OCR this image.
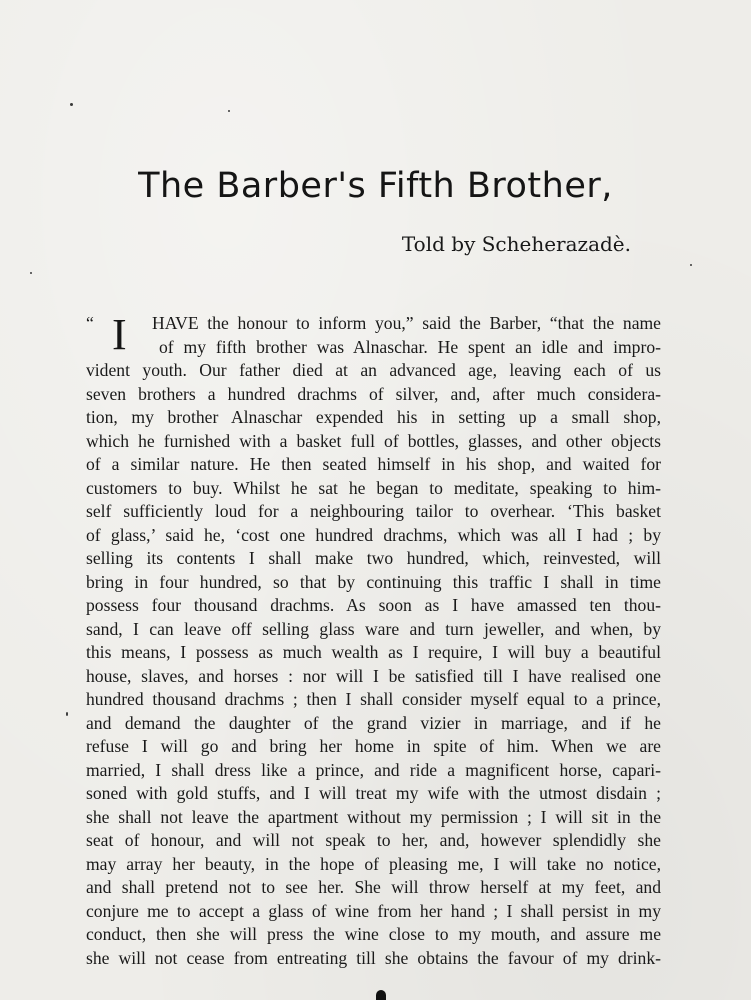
The Barber's Fifth Brother,

Told by Scheherazadè.

“ I HAVE the honour to inform you,” said the Barber, “that the name
of my fifth brother was Alnaschar. He spent an idle and impro-
vident youth. Our father died at an advanced age, leaving each of us
seven brothers a hundred drachms of silver, and, after much considera-
tion, my brother Alnaschar expended his in setting up a small shop,
which he furnished with a basket full of bottles, glasses, and other objects
of a similar nature. He then seated himself in his shop, and waited for
customers to buy. Whilst he sat he began to meditate, speaking to him-
self sufficiently loud for a neighbouring tailor to overhear. ‘This basket
of glass,’ said he, ‘cost one hundred drachms, which was all I had ; by
selling its contents I shall make two hundred, which, reinvested, will
bring in four hundred, so that by continuing this traffic I shall in time
possess four thousand drachms. As soon as I have amassed ten thou-
sand, I can leave off selling glass ware and turn jeweller, and when, by
this means, I possess as much wealth as I require, I will buy a beautiful
house, slaves, and horses : nor will I be satisfied till I have realised one
hundred thousand drachms ; then I shall consider myself equal to a prince,
and demand the daughter of the grand vizier in marriage, and if he
refuse I will go and bring her home in spite of him. When we are
married, I shall dress like a prince, and ride a magnificent horse, capari-
soned with gold stuffs, and I will treat my wife with the utmost disdain ;
she shall not leave the apartment without my permission ; I will sit in the
seat of honour, and will not speak to her, and, however splendidly she
may array her beauty, in the hope of pleasing me, I will take no notice,
and shall pretend not to see her. She will throw herself at my feet, and
conjure me to accept a glass of wine from her hand ; I shall persist in my
conduct, then she will press the wine close to my mouth, and assure me
she will not cease from entreating till she obtains the favour of my drink-
